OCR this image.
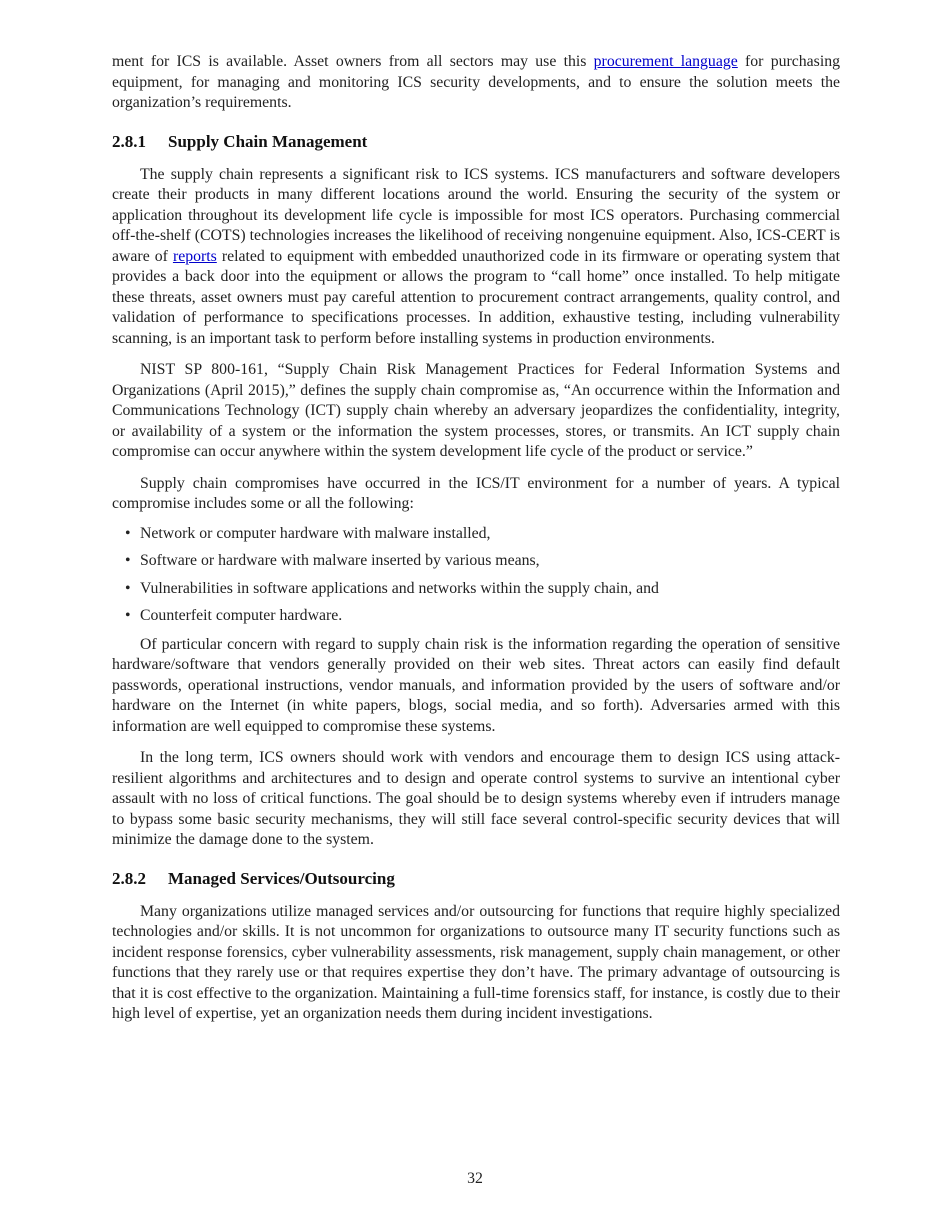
ment for ICS is available. Asset owners from all sectors may use this procurement language for purchasing equipment, for managing and monitoring ICS security developments, and to ensure the solution meets the organization’s requirements.

2.8.1 Supply Chain Management

The supply chain represents a significant risk to ICS systems. ICS manufacturers and software developers create their products in many different locations around the world. Ensuring the security of the system or application throughout its development life cycle is impossible for most ICS operators. Purchasing commercial off-the-shelf (COTS) technologies increases the likelihood of receiving nongenuine equipment. Also, ICS-CERT is aware of reports related to equipment with embedded unauthorized code in its firmware or operating system that provides a back door into the equipment or allows the program to “call home” once installed. To help mitigate these threats, asset owners must pay careful attention to procurement contract arrangements, quality control, and validation of performance to specifications processes. In addition, exhaustive testing, including vulnerability scanning, is an important task to perform before installing systems in production environments.

NIST SP 800-161, “Supply Chain Risk Management Practices for Federal Information Systems and Organizations (April 2015),” defines the supply chain compromise as, “An occurrence within the Information and Communications Technology (ICT) supply chain whereby an adversary jeopardizes the confidentiality, integrity, or availability of a system or the information the system processes, stores, or transmits. An ICT supply chain compromise can occur anywhere within the system development life cycle of the product or service.”

Supply chain compromises have occurred in the ICS/IT environment for a number of years. A typical compromise includes some or all the following:

• Network or computer hardware with malware installed,
• Software or hardware with malware inserted by various means,
• Vulnerabilities in software applications and networks within the supply chain, and
• Counterfeit computer hardware.

Of particular concern with regard to supply chain risk is the information regarding the operation of sensitive hardware/software that vendors generally provided on their web sites. Threat actors can easily find default passwords, operational instructions, vendor manuals, and information provided by the users of software and/or hardware on the Internet (in white papers, blogs, social media, and so forth). Adversaries armed with this information are well equipped to compromise these systems.

In the long term, ICS owners should work with vendors and encourage them to design ICS using attack-resilient algorithms and architectures and to design and operate control systems to survive an intentional cyber assault with no loss of critical functions. The goal should be to design systems whereby even if intruders manage to bypass some basic security mechanisms, they will still face several control-specific security devices that will minimize the damage done to the system.

2.8.2 Managed Services/Outsourcing

Many organizations utilize managed services and/or outsourcing for functions that require highly specialized technologies and/or skills. It is not uncommon for organizations to outsource many IT security functions such as incident response forensics, cyber vulnerability assessments, risk management, supply chain management, or other functions that they rarely use or that requires expertise they don’t have. The primary advantage of outsourcing is that it is cost effective to the organization. Maintaining a full-time forensics staff, for instance, is costly due to their high level of expertise, yet an organization needs them during incident investigations.

32
